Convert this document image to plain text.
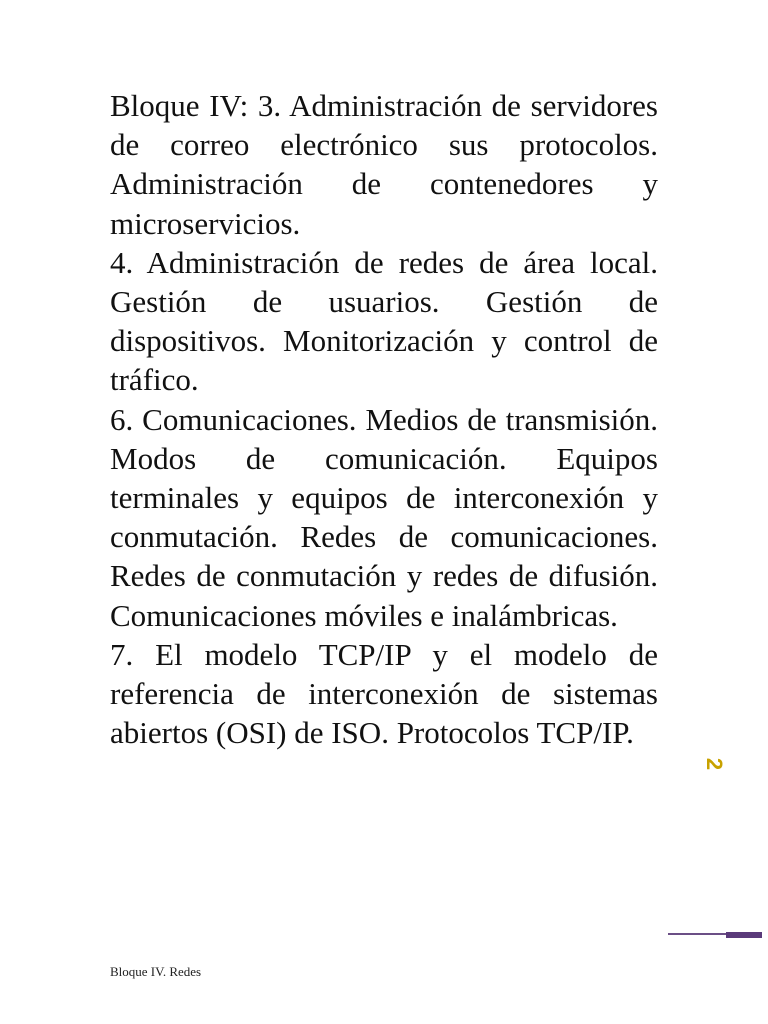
Bloque IV: 3. Administración de servidores de correo electrónico sus protocolos. Administración de contenedores y microservicios.

4. Administración de redes de área local. Gestión de usuarios. Gestión de dispositivos. Monitorización y control de tráfico.

6. Comunicaciones. Medios de transmisión. Modos de comunicación. Equipos terminales y equipos de interconexión y conmutación. Redes de comunicaciones. Redes de conmutación y redes de difusión. Comunicaciones móviles e inalámbricas.

7. El modelo TCP/IP y el modelo de referencia de interconexión de sistemas abiertos (OSI) de ISO. Protocolos TCP/IP.

2
Bloque IV. Redes
